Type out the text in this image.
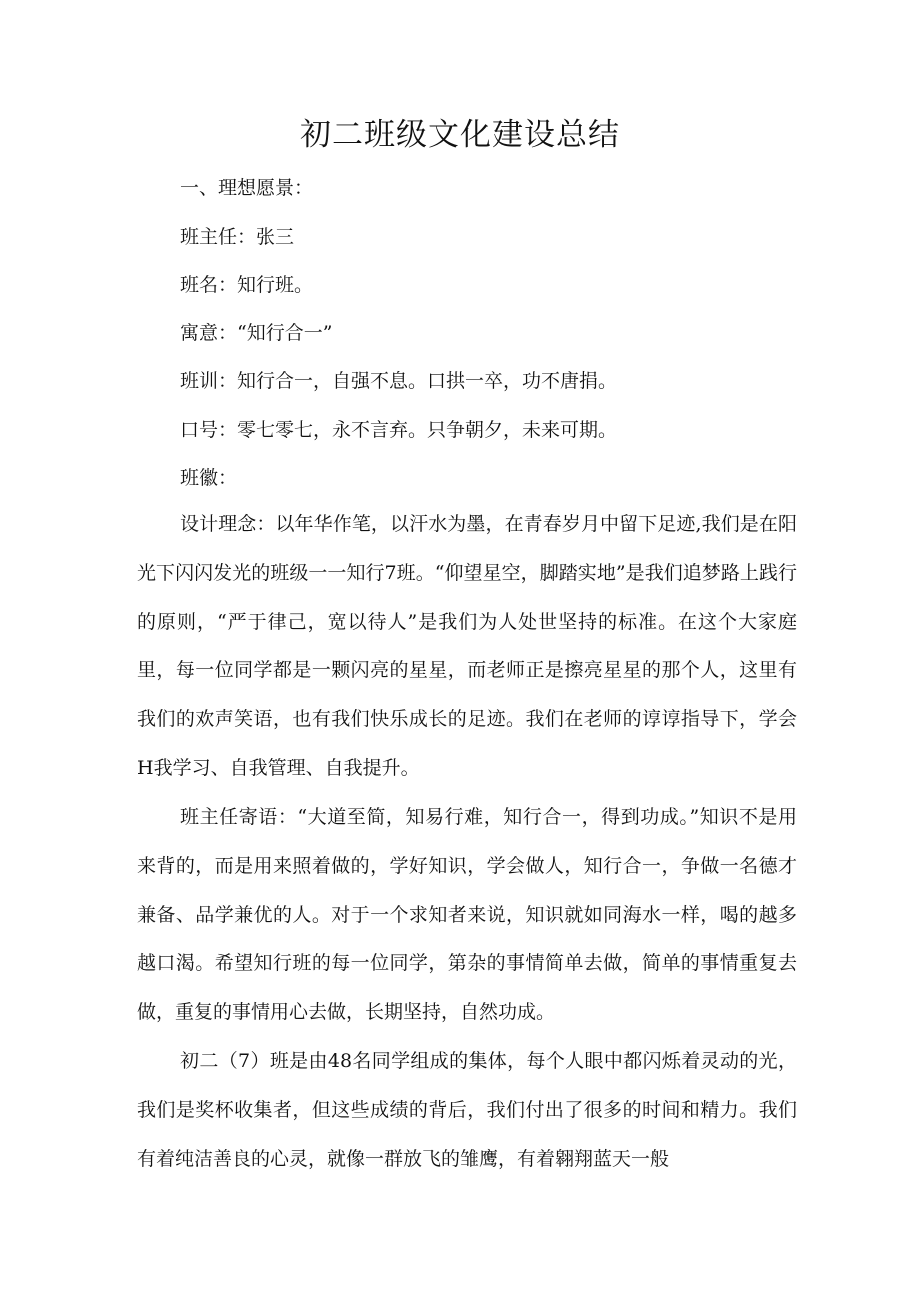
初二班级文化建设总结

一、理想愿景：

班主任：张三

班名：知行班。

寓意：“知行合一”

班训：知行合一，自强不息。口拱一卒，功不唐捐。

口号：零七零七，永不言弃。只争朝夕，未来可期。

班徽：

设计理念：以年华作笔，以汗水为墨，在青春岁月中留下足迹,我们是在阳光下闪闪发光的班级一一知行7班。“仰望星空，脚踏实地”是我们追梦路上践行的原则，“严于律己，宽以待人”是我们为人处世坚持的标准。在这个大家庭里，每一位同学都是一颗闪亮的星星，而老师正是擦亮星星的那个人，这里有我们的欢声笑语，也有我们快乐成长的足迹。我们在老师的谆谆指导下，学会H我学习、自我管理、自我提升。

班主任寄语：“大道至简，知易行难，知行合一，得到功成。”知识不是用来背的，而是用来照着做的，学好知识，学会做人，知行合一，争做一名德才兼备、品学兼优的人。对于一个求知者来说，知识就如同海水一样，喝的越多越口渴。希望知行班的每一位同学，第杂的事情简单去做，简单的事情重复去做，重复的事情用心去做，长期坚持，自然功成。

初二（7）班是由48名同学组成的集体，每个人眼中都闪烁着灵动的光，我们是奖杯收集者，但这些成绩的背后，我们付出了很多的时间和精力。我们有着纯洁善良的心灵，就像一群放飞的雏鹰，有着翱翔蓝天一般
